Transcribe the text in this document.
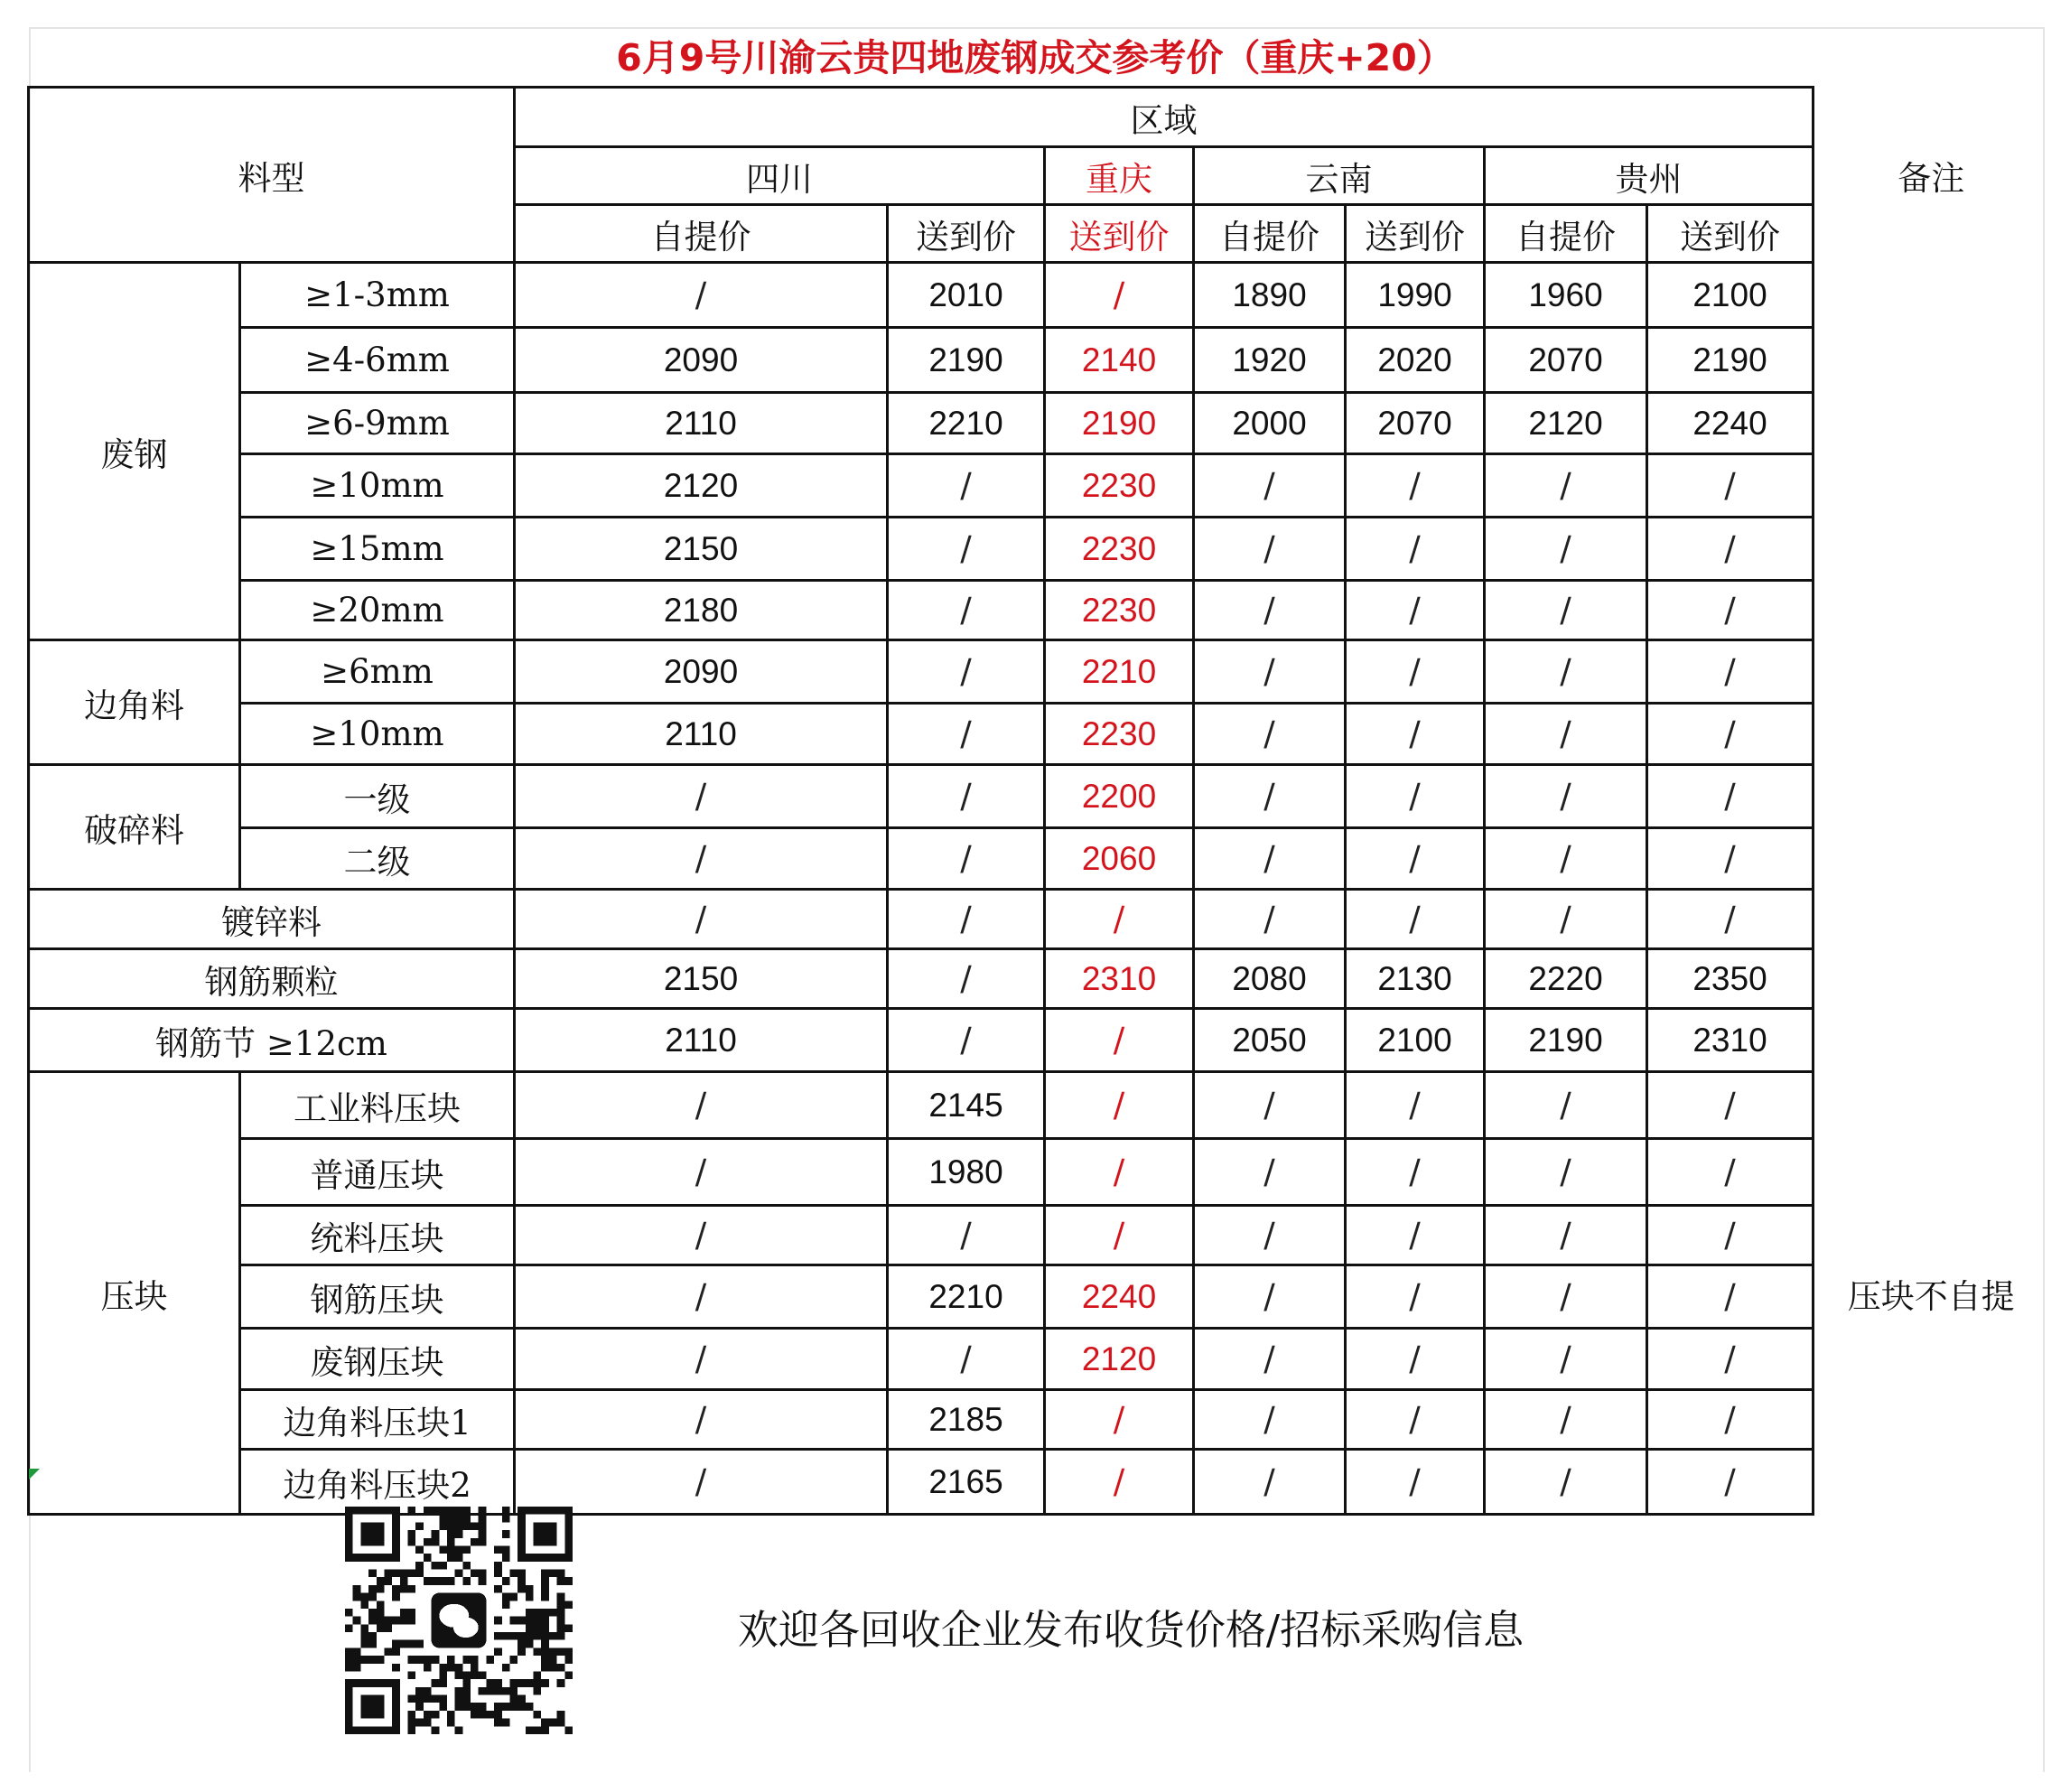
6月9号川渝云贵四地废钢成交参考价（重庆+20）
料型		区域							备注
		四川		重庆	云南		贵州		
		自提价	送到价	送到价	自提价	送到价	自提价	送到价	
废钢	≥1-3mm	/	2010	/	1890	1990	1960	2100	
	≥4-6mm	2090	2190	2140	1920	2020	2070	2190	
	≥6-9mm	2110	2210	2190	2000	2070	2120	2240	
	≥10mm	2120	/	2230	/	/	/	/	
	≥15mm	2150	/	2230	/	/	/	/	
	≥20mm	2180	/	2230	/	/	/	/	
边角料	≥6mm	2090	/	2210	/	/	/	/	
	≥10mm	2110	/	2230	/	/	/	/	
破碎料	一级	/	/	2200	/	/	/	/	
	二级	/	/	2060	/	/	/	/	
镀锌料		/	/	/	/	/	/	/	
钢筋颗粒		2150	/	2310	2080	2130	2220	2350	
钢筋节 ≥12cm		2110	/	/	2050	2100	2190	2310	
压块	工业料压块	/	2145	/	/	/	/	/	压块不自提
	普通压块	/	1980	/	/	/	/	/	
	统料压块	/	/	/	/	/	/	/	
	钢筋压块	/	2210	2240	/	/	/	/	
	废钢压块	/	/	2120	/	/	/	/	
	边角料压块1	/	2185	/	/	/	/	/	
	边角料压块2	/	2165	/	/	/	/	/	
欢迎各回收企业发布收货价格/招标采购信息
